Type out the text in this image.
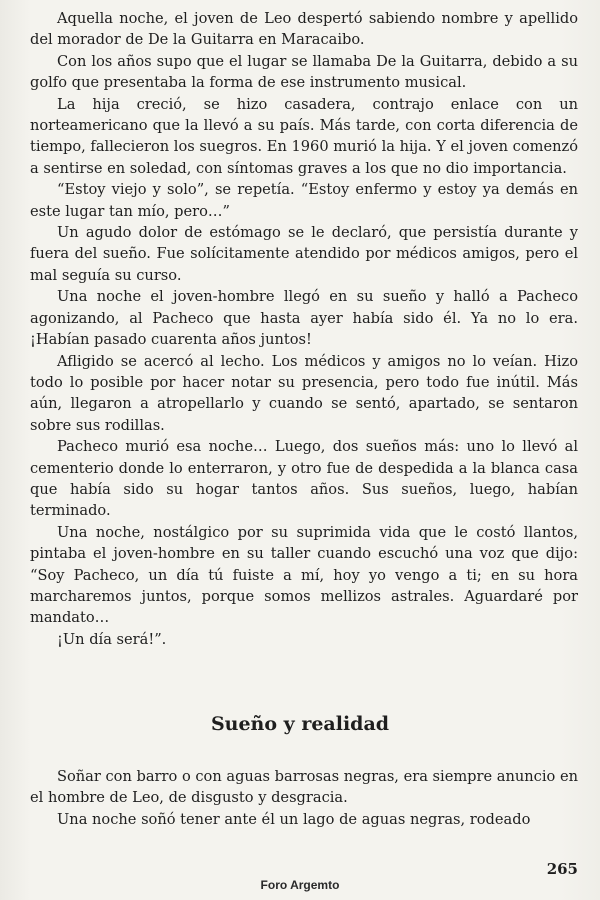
Aquella noche, el joven de Leo despertó sabiendo nombre y apellido del morador de De la Guitarra en Maracaibo.

Con los años supo que el lugar se llamaba De la Guitarra, debido a su golfo que presentaba la forma de ese instrumento musical.

La hija creció, se hizo casadera, contrajo enlace con un norteamericano que la llevó a su país. Más tarde, con corta diferencia de tiempo, fallecieron los suegros. En 1960 murió la hija. Y el joven comenzó a sentirse en soledad, con síntomas graves a los que no dio importancia.

“Estoy viejo y solo”, se repetía. “Estoy enfermo y estoy ya demás en este lugar tan mío, pero…”

Un agudo dolor de estómago se le declaró, que persistía durante y fuera del sueño. Fue solícitamente atendido por médicos amigos, pero el mal seguía su curso.

Una noche el joven-hombre llegó en su sueño y halló a Pacheco agonizando, al Pacheco que hasta ayer había sido él. Ya no lo era. ¡Habían pasado cuarenta años juntos!

Afligido se acercó al lecho. Los médicos y amigos no lo veían. Hizo todo lo posible por hacer notar su presencia, pero todo fue inútil. Más aún, llegaron a atropellarlo y cuando se sentó, apartado, se sentaron sobre sus rodillas.

Pacheco murió esa noche… Luego, dos sueños más: uno lo llevó al cementerio donde lo enterraron, y otro fue de despedida a la blanca casa que había sido su hogar tantos años. Sus sueños, luego, habían terminado.

Una noche, nostálgico por su suprimida vida que le costó llantos, pintaba el joven-hombre en su taller cuando escuchó una voz que dijo: “Soy Pacheco, un día tú fuiste a mí, hoy yo vengo a ti; en su hora marcharemos juntos, porque somos mellizos astrales. Aguardaré por mandato…

¡Un día será!”.

Sueño y realidad

Soñar con barro o con aguas barrosas negras, era siempre anuncio en el hombre de Leo, de disgusto y desgracia.

Una noche soñó tener ante él un lago de aguas negras, rodeado

265
Foro Argemto
